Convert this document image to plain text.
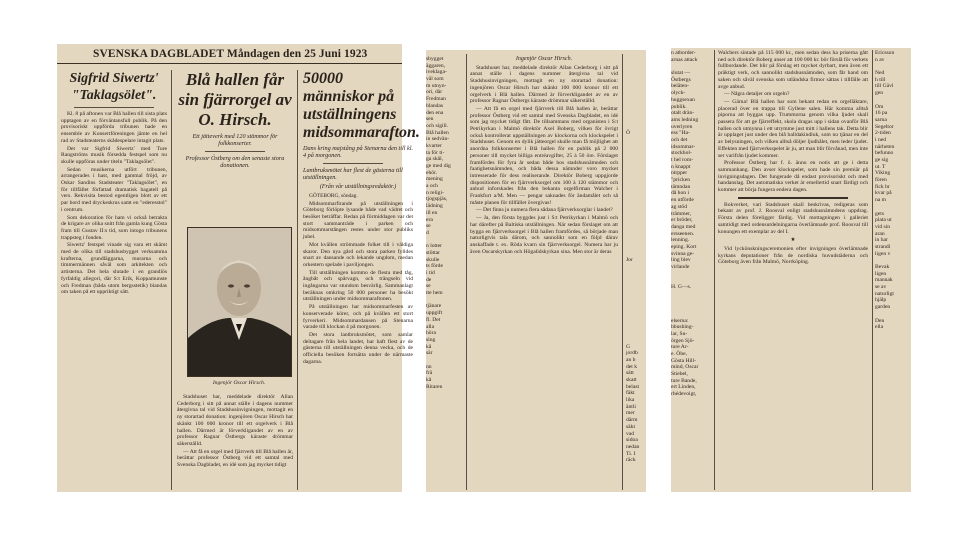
SVENSKA DAGBLADET Måndagen den 25 Juni 1923
Sigfrid Siwertz' "Taklagsölet".

Kl. 8 på aftonen var Blå hallen till sista plats upptagen av en förväntansfull publik. På den provisoriskt uppförda tribunen hade en ensemble av Konsertföreningen jämte en hel rad av Stadsteaterns skådespelare intagit plats.

Det var Sigfrid Siwertz' med Ture Rangströms musik försedda festspel som nu skulle uppföras under titeln "Taklagsölet".

Sedan musikerna utfört tribunen, arrangerades i hast, med gammal fröjd, av Oskar Sandins Stadsteater "Taklagsölet", en för tillfället författad dramatisk bagatell på vers. Rekvisita bestod egentligen blott av ett par bord med dryckeskrus samt en "ederesstol" i centrum.

Som dekoration för ham vi också betrakta de krigare av olika snitt från gamla kung Gösta fram till Gustav II:s tid, som intogo tribunens trappsteg i fonden.

Siwertz' festspel vinade sig vara ett skämt med de olika till stadshusbygget verksamma krafterna, grundläggarna, murarna och timmermännen såväl som arkitekten och artisterna. Det hela slutade i en grandiös fyrfaldig allegori, där S:t Erik, Koppamunste och Fredman (båda utom bergsstetik) blandas om taken på ett uppriktigt sätt.

Blå hallen får sin fjärrorgel av O. Hirsch.
Ett jätteverk med 120 stämmor för folkkonserter.
Professor Östberg om den senaste stora donationen.
Ingenjör Oscar Hirsch.

Stadshuset har, meddelade direktör Allan Cederborg i sitt på annat ställe i dagens nummer återgivna tal vid Stadshusinvigningen, mottagit en ny storartad donation: ingenjören Oscar Hirsch har skänkt 100 000 kronor till ett orgelverk i Blå hallen. Därmed är förverkligandet av en av professor Ragnar Östbergs käraste drömmar säkerställd.

— Att få en orgel med fjärrverk till Blå hallen är, berättar professor Östberg vid ett samtal med Svenska Dagbladet, en idé som jag mycket tidigt

50000 människor på utställningens midsommarafton.
Dans kring majstång på Stenarna den till kl. 4 på morgonen.
Lantbruksmötet har flest de gästerna till utställningen.
(Från vår utställningsredaktör.)

GÖTEBORG, söndag.

Midsommarfirande på utställningen i Göteborg förlöpte lysande både vad vädret och besöket beträffar. Redan på förmiddagen var det stort sammanträde i parken och midsommarstången restes under stor publiks jubel.

Mot kvällen strömmade folket till i väldiga skaror. Den nya gård och stora parken fylldes snart av dansande och lekande ungdom, medan orkestern spelade i paviljongen.

Till utställningen kommo de flesta med tåg, ångbåt och spårvagn, och trängseln vid ingångarna var stundom besvärlig. Sammanlagt beräknas omkring 50 000 personer ha besökt utställningen under midsommaraftonen.

På utställningen har midsommarfesten av konserverade körer, och på kvällen ett stort fyrverkeri. Midsommardansen på Stenarna varade till klockan 4 på morgonen.

Det stora lantbruksmötet, som samlar deltagare från hela landet, har haft flest av de gästerna till utställningen denna vecka, och de officiella besöken fortsätta under de närmaste dagarna.

sbygget
äggaren,
iveklaga-
väl som
m utnyn-
ori, där
Fredman
blandas
den ena
sen
och sigill.
Blå hallen
in sedvän-
kvarter
ta för ti-
ga skål,
ge med dig
ehör.
mening
a och
n religi-
tjogspjäs,
lädning
ill en
era
se
d
n lotter
stöttar
skulle
ts förde
i tid
de
se
tte hem
tjänare
uppgift
fl. Det
alla
höra
sing
kå
sär
nn
frä
kå
Ritaren
Ingenjör Oscar Hirsch.

Stadshuset har, meddelade direktör Allan Cederborg i sitt på annat ställe i dagens nummer återgivna tal vid Stadshusinvigningen, mottagit en ny storartad donation: ingenjören Oscar Hirsch har skänkt 100 000 kronor till ett orgelverk i Blå hallen. Därmed är förverkligandet av en av professor Ragnar Östbergs käraste drömmar säkerställd.

— Att få en orgel med fjärrverk till Blå hallen är, berättar professor Östberg vid ett samtal med Svenska Dagbladet, en idé som jag mycket tidigt fått. De tillsammans med organisten i S:t Petrikyrkan i Malmö direktör Axel Boberg, vilken för övrigt också kontrollerat uppställningen av klockorna och klockspelet i Stadshuset. Genom en dylik jätteorgel skulle man få möjlighet att anordna folkkonserter i Blå hallen för en publik på 2 000 personer till mycket billiga entréavgifter, 25 à 50 öre. Förslaget framfördes för fyra år sedan både hos stadshusnämnden och faatighetsnämnden, och båda dessa nämnder voro mycket intresserade för dess realiserande. Direktör Boberg uppgjorde dispositionen för en fjärrverksorgel om 100 à 120 stämmor och anbud inforskades från den bekanta orgelfirman Walcher i Frankfurt a/M. Men — pengar saknades för ändamålet och så måste planen för tillfället övergivas!

— Det finns ju numera flera sådana fjärrverksorglar i landet?

— Ja, den första byggdes just i S:t Petrikyrkan i Malmö och har därefter på Baltiska utställningen. När sedan förslaget om att bygga en fjärrverksorgel i Blå hallen framfördes, så började man naturligtvis tala därom, och sannolikt som en följd därav anskaffade t. ex. Röda kvarn sin fjärrverksorgel. Numera har ju även Oscarskyrkan och Högalidskyrkan sina. Men stor är deras

Ö
Jor
G
jordb
an b
det k
sätt
skatt
belast
fäkt
lika
äntli
mer
därm
säkt
vad
sidoa
nedan
Ti. I
räck
n atborder-
arnas attack
slutat —
Östbergs
beläten-
olyck-
huggsexan
publik.
otalt drän-
ams ledning
uveriyren
ess "Ha-
och det
idsommar-
stockhol-
t hel rom-
n knappt
ntrpper
"pricken
tämndan
då hon i
en utförde
ag stöd
trämmer,
er bröder,
danga med
ersseenen.
lenning.
eping. Kort
svinna ge-
ling blev
virlande
H. G—s.
elserna:
bbushing-
lar, Su-
örgen Sjö-
ture Ar-
e. Öbe,
Gösta Hill-
mind, Oscar
Stiebel,
ture Bande,
ert Linden,
rhédevoigt,

Walcbers sintade på 115 000 kr., men sedan dess ha priserna gått ned och direktör Boberg anser att 100 000 kr. bör förslå för verkets fullbordande. Det blir på förslag ett mycket dyrbart, men även ett präktigt verk, och sannolikt stadshusnämnden, som får hand om saken och såväl svenska som utländska firmor sättas i tillfälle att avge anbud.

— Några detaljer om orgeln?

— Gärna! Blå hallen har som bekant redan en orgelläktare, placerad över en trappa till Gyllene salen. Här komma alltså piporna att byggas upp. Trummorna genom vilka ljudet skall passera för att ge fjärreffekt, skola dragas upp i sidan ovanför Blå hallen och utmynna i ett utrymme just mitt i hallens tak. Detta blir är upplaget just under den blå balldakindluk, som nu tjänar en del av belysningen, och vilken alltså döljer ljudhålet, men leder ljudet. Effekten med fjärrverksspelet är ju, att man blir förvånad, men inte ser varifrån ljudet kommer.

Professor Östberg har f. ö. ännu en notis att ge i detta sammanhang. Den avser klockspelet, som hade sin premiär på invigningsdagen. Det fungerade då endast provisoriskt och med handanslag. Det automatiska verket är emellertid snart färdigt och kommer att börja fungera endera dagen.

Bokverket, vari Stadshuset skall beskrivas, redigeras som bekant av prof. J. Roosval enligt stadshusnämndens uppdrag. Första delen föreligger färdig. Vid mottagningen i galleriet samtidigt med ordensutdelningarna överlämnade prof. Roosval till konungen ett exemplar av del I.

★

Vid lyckönskningsceremonien efter invigningen överlämnade kyrkans deputationer från de nordiska huvudstäderna och Göteborg även från Malmö, Norrköping.

Ericsson
n av
Ned
h till
till Gävl
gen
Om
16 pa
sarna
Segeltor
2-tiden
i ned
närheten
befunno
ge sig
ut. T
Viking
fören
fick br
kvar på
na m
gets
plata ut
vid sin
aran
in har
strandl
ligen v
Bevak
ligen
mannak
se av
naturligt
hjälp
garden
Den
ella
